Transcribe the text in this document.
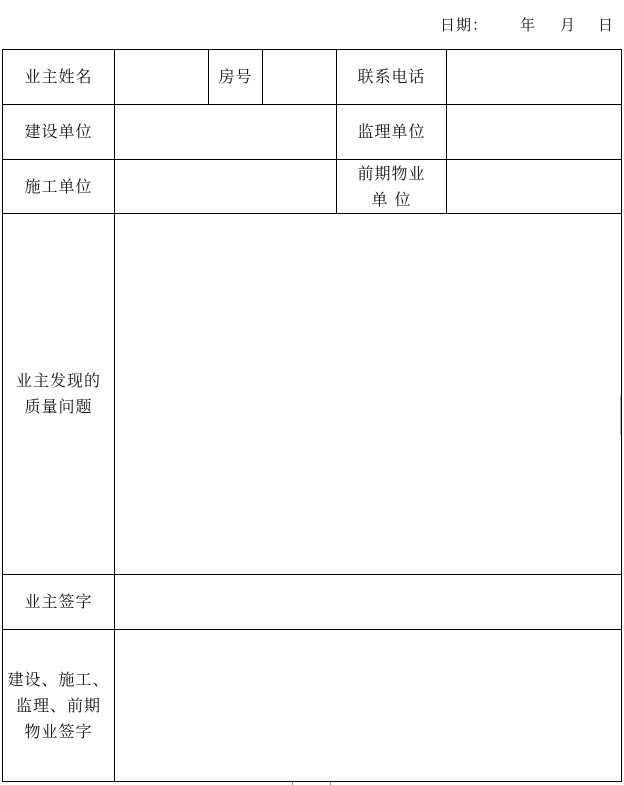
日期：

年

月

日

业主姓名		房号		联系电话	
建设单位				监理单位	
施工单位				前期物业
单 位	

业主发现的
质量问题					

业主签字					

建设、施工、
监理、前期
物业签字					
